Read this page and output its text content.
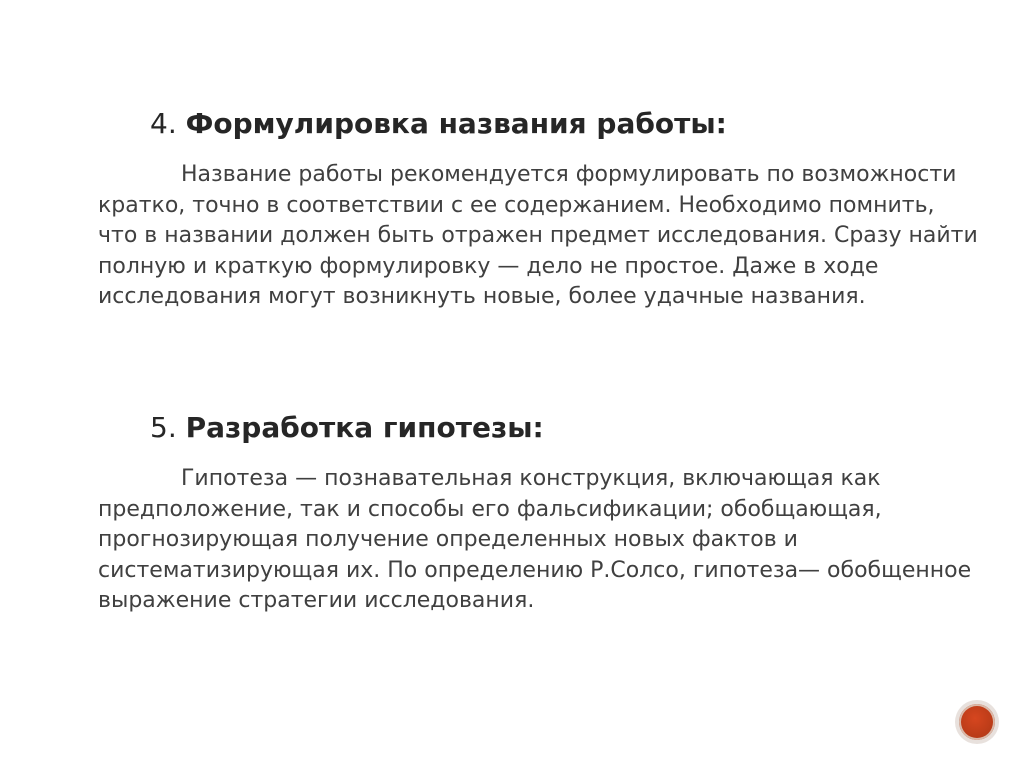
4. Формулировка названия работы:
Название работы рекомендуется формулировать по возможности кратко, точно в соответствии с ее содержанием. Необходимо помнить, что в названии должен быть отражен предмет исследования. Сразу найти полную и краткую формулировку — дело не простое. Даже в ходе исследования могут возникнуть новые, более удачные названия.
5. Разработка гипотезы:
Гипотеза — познавательная конструкция, включающая как предположение, так и способы его фальсификации; обобщающая, прогнозирующая получение определенных новых фактов и систематизирующая их. По определению Р.Солсо, гипотеза— обобщенное выражение стратегии исследования.
